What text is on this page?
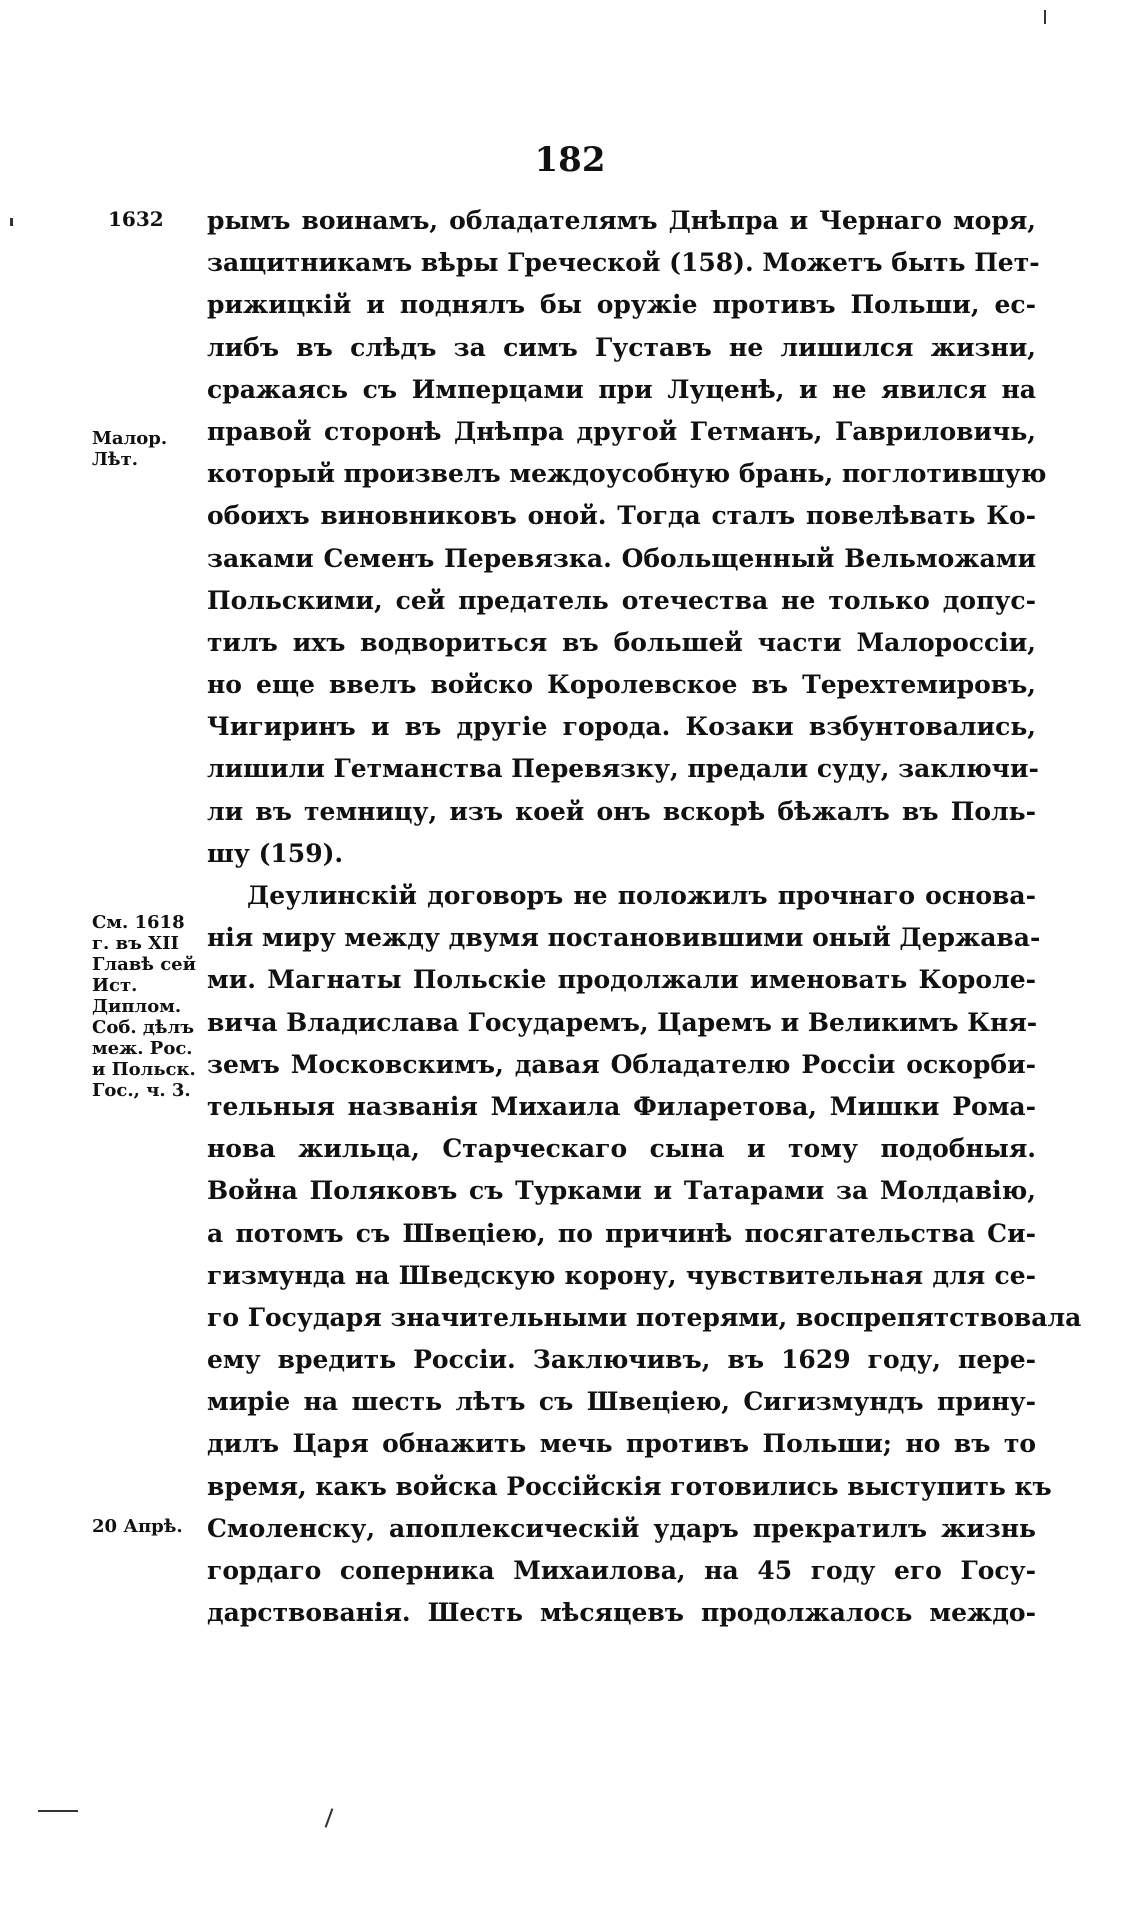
182
1632
Малор.
Лѣт.
См. 1618
г. въ XII
Главѣ сей
Ист.
Диплом.
Соб. дѣлъ
меж. Рос.
и Польск.
Гос., ч. 3.
20 Апрѣ.
рымъ воинамъ, обладателямъ Днѣпра и Чернаго моря,
защитникамъ вѣры Греческой (158). Можетъ быть Пет-
рижицкій и поднялъ бы оружіе противъ Польши, ес-
либъ въ слѣдъ за симъ Густавъ не лишился жизни,
сражаясь съ Имперцами при Луценѣ, и не явился на
правой сторонѣ Днѣпра другой Гетманъ, Гавриловичь,
который произвелъ междоусобную брань, поглотившую
обоихъ виновниковъ оной. Тогда сталъ повелѣвать Ко-
заками Семенъ Перевязка. Обольщенный Вельможами
Польскими, сей предатель отечества не только допус-
тилъ ихъ водвориться въ большей части Малороссіи,
но еще ввелъ войско Королевское въ Терехтемировъ,
Чигиринъ и въ другіе города. Козаки взбунтовались,
лишили Гетманства Перевязку, предали суду, заключи-
ли въ темницу, изъ коей онъ вскорѣ бѣжалъ въ Поль-
шу (159).
Деулинскій договоръ не положилъ прочнаго основа-
нія миру между двумя постановившими оный Державa-
ми. Магнаты Польскіе продолжали именовать Короле-
вича Владислава Государемъ, Царемъ и Великимъ Кня-
земъ Московскимъ, давая Обладателю Россіи оскорби-
тельныя названія Михаила Филаретова, Мишки Рома-
нова жильца, Старческаго сына и тому подобныя.
Война Поляковъ съ Турками и Татарами за Молдавію,
а потомъ съ Швеціею, по причинѣ посягательства Си-
гизмунда на Шведскую корону, чувствительная для се-
го Государя значительными потерями, воспрепятствовала
ему вредить Россіи. Заключивъ, въ 1629 году, пере-
миріе на шесть лѣтъ съ Швеціею, Сигизмундъ прину-
дилъ Царя обнажить мечь противъ Польши; но въ то
время, какъ войска Россійскія готовились выступить къ
Смоленску, апоплексическій ударъ прекратилъ жизнь
гордаго соперника Михаилова, на 45 году его Госу-
дарствованія. Шесть мѣсяцевъ продолжалось междо-
